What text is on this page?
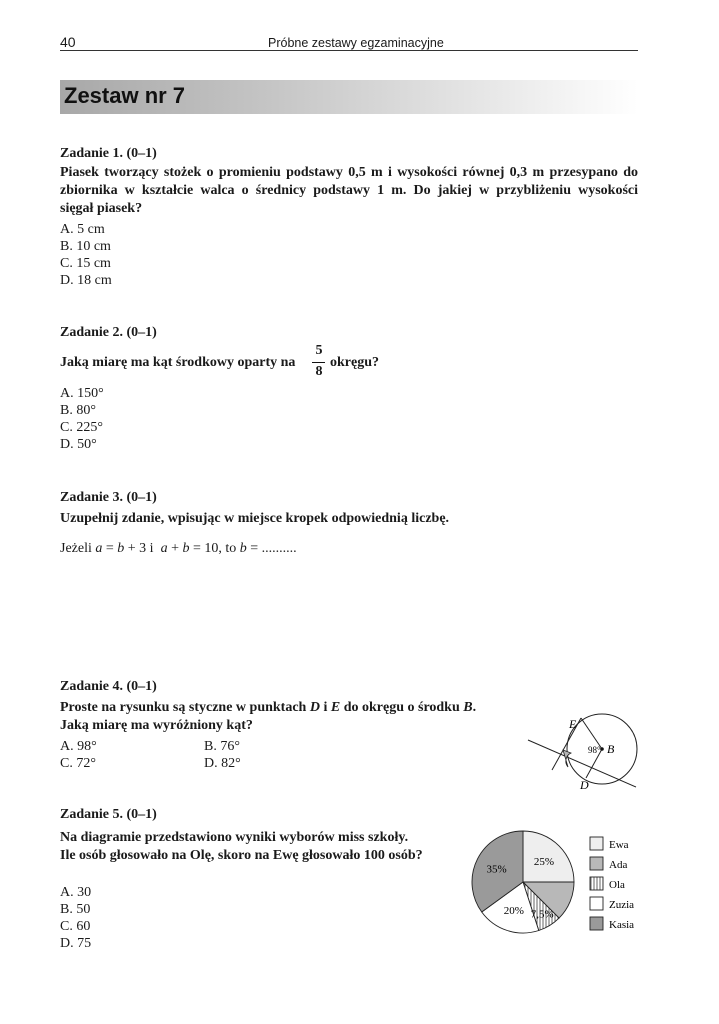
40	Próbne zestawy egzaminacyjne
Zestaw nr 7
Zadanie 1. (0–1)
Piasek tworzący stożek o promieniu podstawy 0,5 m i wysokości równej 0,3 m przesypano do
zbiornika w kształcie walca o średnicy podstawy 1 m. Do jakiej w przybliżeniu wysokości
sięgał piasek?
A. 5 cm
B. 10 cm
C. 15 cm
D. 18 cm
Zadanie 2. (0–1)
Jaką miarę ma kąt środkowy oparty na
5
8
okręgu?
A. 150°
B. 80°
C. 225°
D. 50°
Zadanie 3. (0–1)
Uzupełnij zdanie, wpisując w miejsce kropek odpowiednią liczbę.
Jeżeli a = b + 3 i  a + b = 10, to b = ..........
Zadanie 4. (0–1)
Proste na rysunku są styczne w punktach D i E do okręgu o środku B.
Jaką miarę ma wyróżniony kąt?
A. 98°	B. 76°
C. 72°	D. 82°
E
B
D
98°
Zadanie 5. (0–1)
Na diagramie przedstawiono wyniki wyborów miss szkoły.
Ile osób głosowało na Olę, skoro na Ewę głosowało 100 osób?
A. 30
B. 50
C. 60
D. 75
25%
7,5%
20%
35%
Ewa
Ada
Ola
Zuzia
Kasia
